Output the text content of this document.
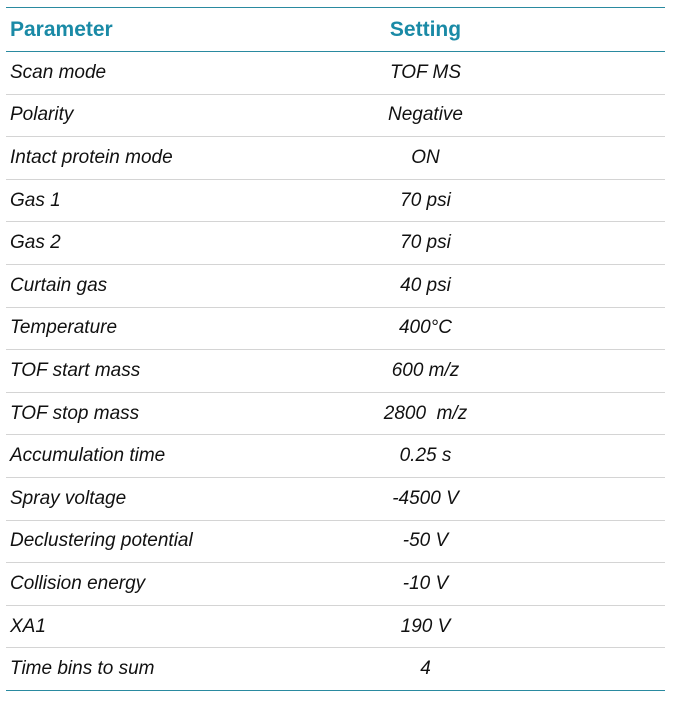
Parameter	Setting
Scan mode	TOF MS
Polarity	Negative
Intact protein mode	ON
Gas 1	70 psi
Gas 2	70 psi
Curtain gas	40 psi
Temperature	400°C
TOF start mass	600 m/z
TOF stop mass	2800  m/z
Accumulation time	0.25 s
Spray voltage	-4500 V
Declustering potential	-50 V
Collision energy	-10 V
XA1	190 V
Time bins to sum	4
